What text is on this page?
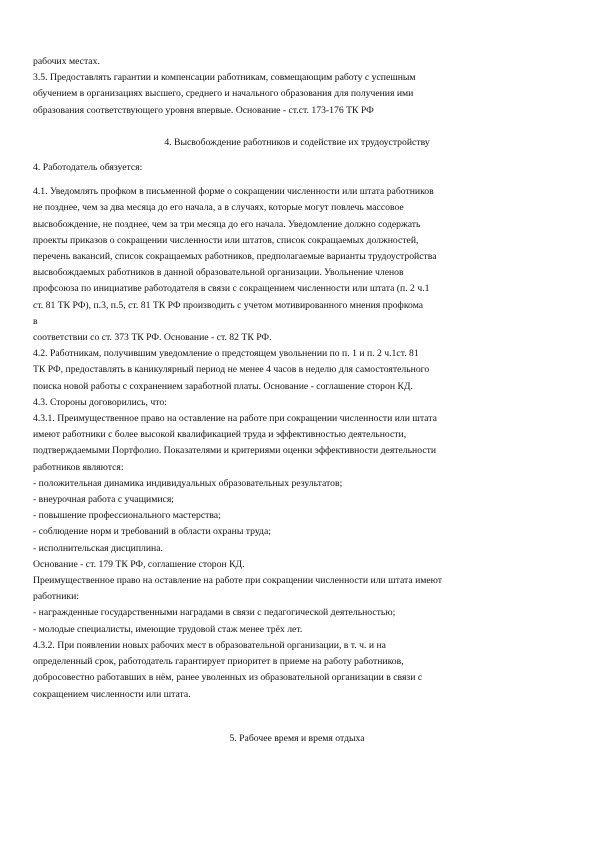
рабочих местах.
3.5. Предоставлять гарантии и компенсации работникам, совмещающим работу с успешным
обучением в организациях высшего, среднего и начального образования для получения ими
образования соответствующего уровня впервые. Основание - ст.ст. 173-176 ТК РФ
4. Высвобождение работников и содействие их трудоустройству
4. Работодатель обязуется:
4.1. Уведомлять профком в письменной форме о сокращении численности или штата работников
не позднее, чем за два месяца до его начала, а в случаях, которые могут повлечь массовое
высвобождение, не позднее, чем за три месяца до его начала. Уведомление должно содержать
проекты приказов о сокращении численности или штатов, список сокращаемых должностей,
перечень вакансий, список сокращаемых работников, предполагаемые варианты трудоустройства
высвобождаемых работников в данной образовательной организации. Увольнение членов
профсоюза по инициативе работодателя в связи с сокращением численности или штата (п. 2 ч.1
ст. 81 ТК РФ), п.3, п.5, ст. 81 ТК РФ производить с учетом мотивированного мнения профкома
в
соответствии со ст. 373 ТК РФ. Основание - ст. 82 ТК РФ.
4.2. Работникам, получившим уведомление о предстоящем увольнении по п. 1 и п. 2 ч.1ст. 81
ТК РФ, предоставлять в каникулярный период не менее 4 часов в неделю для самостоятельного
поиска новой работы с сохранением заработной платы. Основание - соглашение сторон КД.
4.3. Стороны договорились, что:
4.3.1. Преимущественное право на оставление на работе при сокращении численности или штата
имеют работники с более высокой квалификацией труда и эффективностью деятельности,
подтверждаемыми Портфолио. Показателями и критериями оценки эффективности деятельности
работников являются:
- положительная динамика индивидуальных образовательных результатов;
- внеурочная работа с учащимися;
- повышение профессионального мастерства;
- соблюдение норм и требований в области охраны труда;
- исполнительская дисциплина.
Основание - ст. 179 ТК РФ, соглашение сторон КД.
Преимущественное право на оставление на работе при сокращении численности или штата имеют
работники:
- награжденные государственными наградами в связи с педагогической деятельностью;
- молодые специалисты, имеющие трудовой стаж менее трёх лет.
4.3.2. При появлении новых рабочих мест в образовательной организации, в т. ч. и на
определенный срок, работодатель гарантирует приоритет в приеме на работу работников,
добросовестно работавших в нём, ранее уволенных из образовательной организации в связи с
сокращением численности или штата.
5. Рабочее время и время отдыха
